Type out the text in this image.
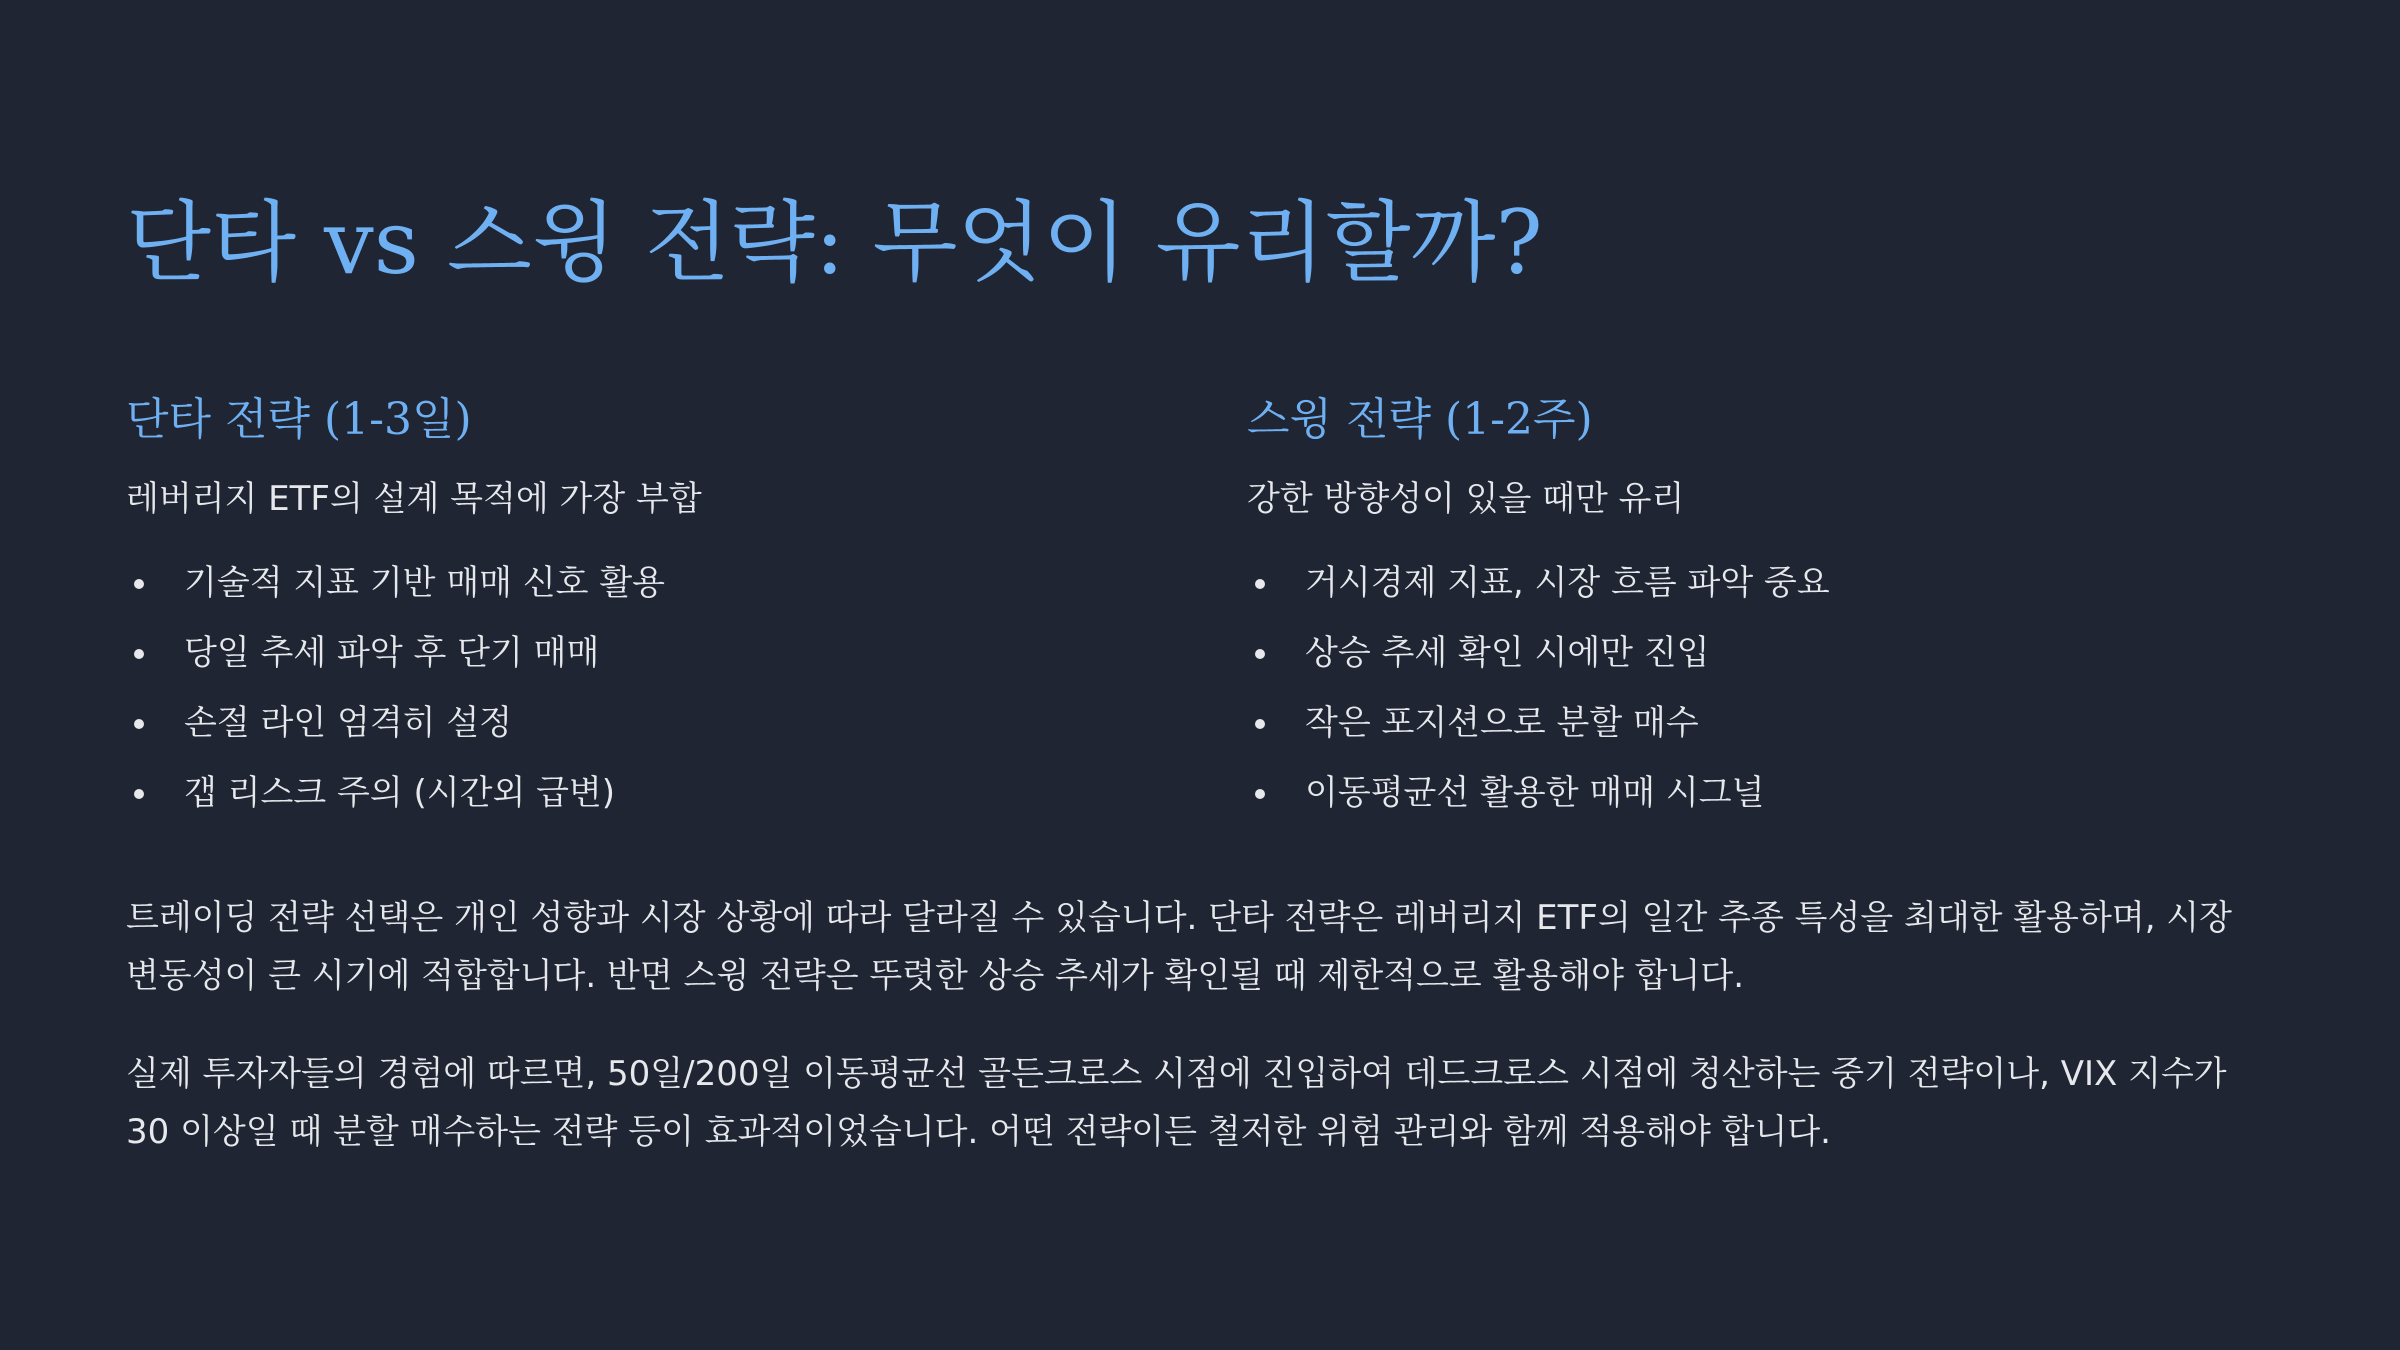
단타 vs 스윙 전략: 무엇이 유리할까?
단타 전략 (1-3일)

레버리지 ETF의 설계 목적에 가장 부합

기술적 지표 기반 매매 신호 활용
당일 추세 파악 후 단기 매매
손절 라인 엄격히 설정
갭 리스크 주의 (시간외 급변)
스윙 전략 (1-2주)

강한 방향성이 있을 때만 유리

거시경제 지표, 시장 흐름 파악 중요
상승 추세 확인 시에만 진입
작은 포지션으로 분할 매수
이동평균선 활용한 매매 시그널

트레이딩 전략 선택은 개인 성향과 시장 상황에 따라 달라질 수 있습니다. 단타 전략은 레버리지 ETF의 일간 추종 특성을 최대한 활용하며, 시장 변동성이 큰 시기에 적합합니다. 반면 스윙 전략은 뚜렷한 상승 추세가 확인될 때 제한적으로 활용해야 합니다.

실제 투자자들의 경험에 따르면, 50일/200일 이동평균선 골든크로스 시점에 진입하여 데드크로스 시점에 청산하는 중기 전략이나, VIX 지수가 30 이상일 때 분할 매수하는 전략 등이 효과적이었습니다. 어떤 전략이든 철저한 위험 관리와 함께 적용해야 합니다.
